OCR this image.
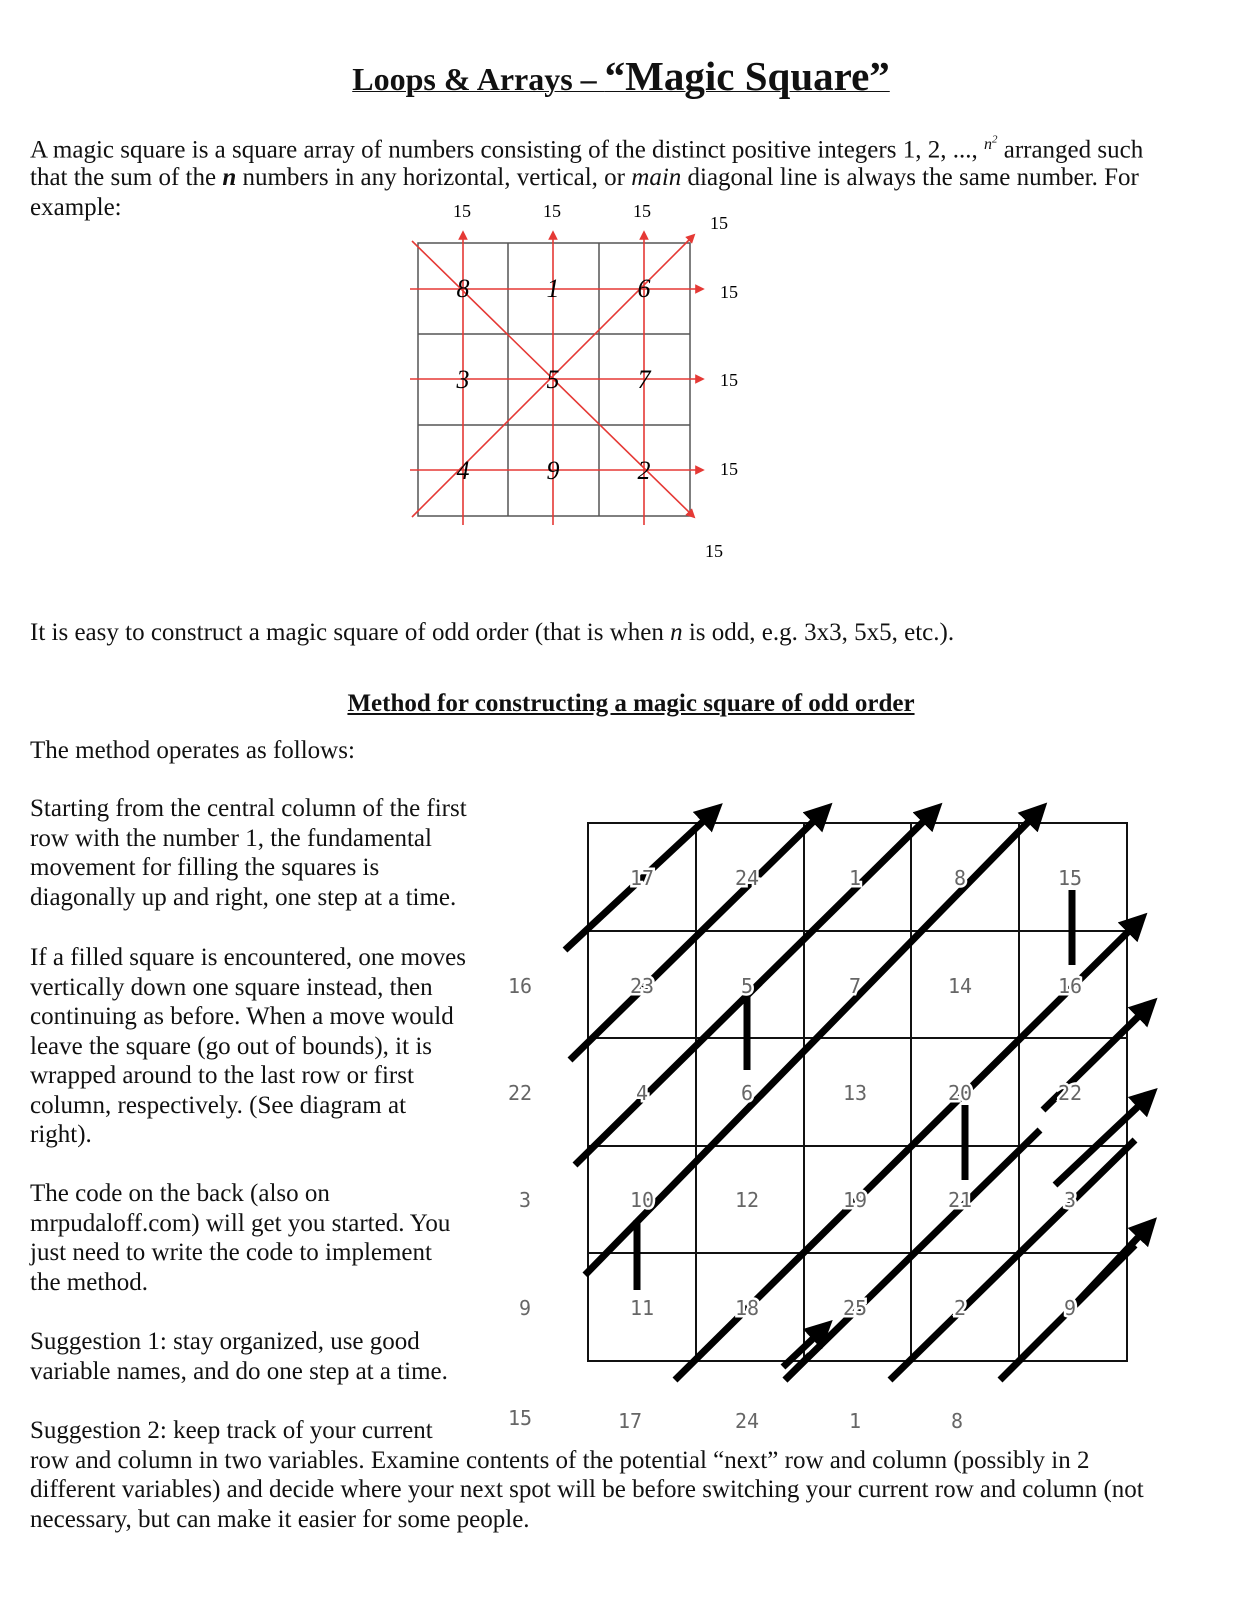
Loops & Arrays – “Magic Square”
A magic square is a square array of numbers consisting of the distinct positive integers 1, 2, ..., $^{n^2}$ arranged such
that the sum of the n numbers in any horizontal, vertical, or main diagonal line is always the same number. For
example:
8	1	6
3	5	7
4	9	2
15	15	15
15
15
15
15
15
It is easy to construct a magic square of odd order (that is when n is odd, e.g. 3x3, 5x5, etc.).
Method for constructing a magic square of odd order
The method operates as follows:
Starting from the central column of the first
row with the number 1, the fundamental
movement for filling the squares is
diagonally up and right, one step at a time.
If a filled square is encountered, one moves
vertically down one square instead, then
continuing as before. When a move would
leave the square (go out of bounds), it is
wrapped around to the last row or first
column, respectively. (See diagram at
right).
The code on the back (also on
mrpudaloff.com) will get you started. You
just need to write the code to implement
the method.
Suggestion 1: stay organized, use good
variable names, and do one step at a time.
Suggestion 2: keep track of your current
row and column in two variables. Examine contents of the potential “next” row and column (possibly in 2
different variables) and decide where your next spot will be before switching your current row and column (not
necessary, but can make it easier for some people.
17	24	1	8	15
23	5	7	14	16
4	6	13	20	22
10	12	19	21	3
11	18	25	2	9
16
22
3
9
15	17	24	1	8
